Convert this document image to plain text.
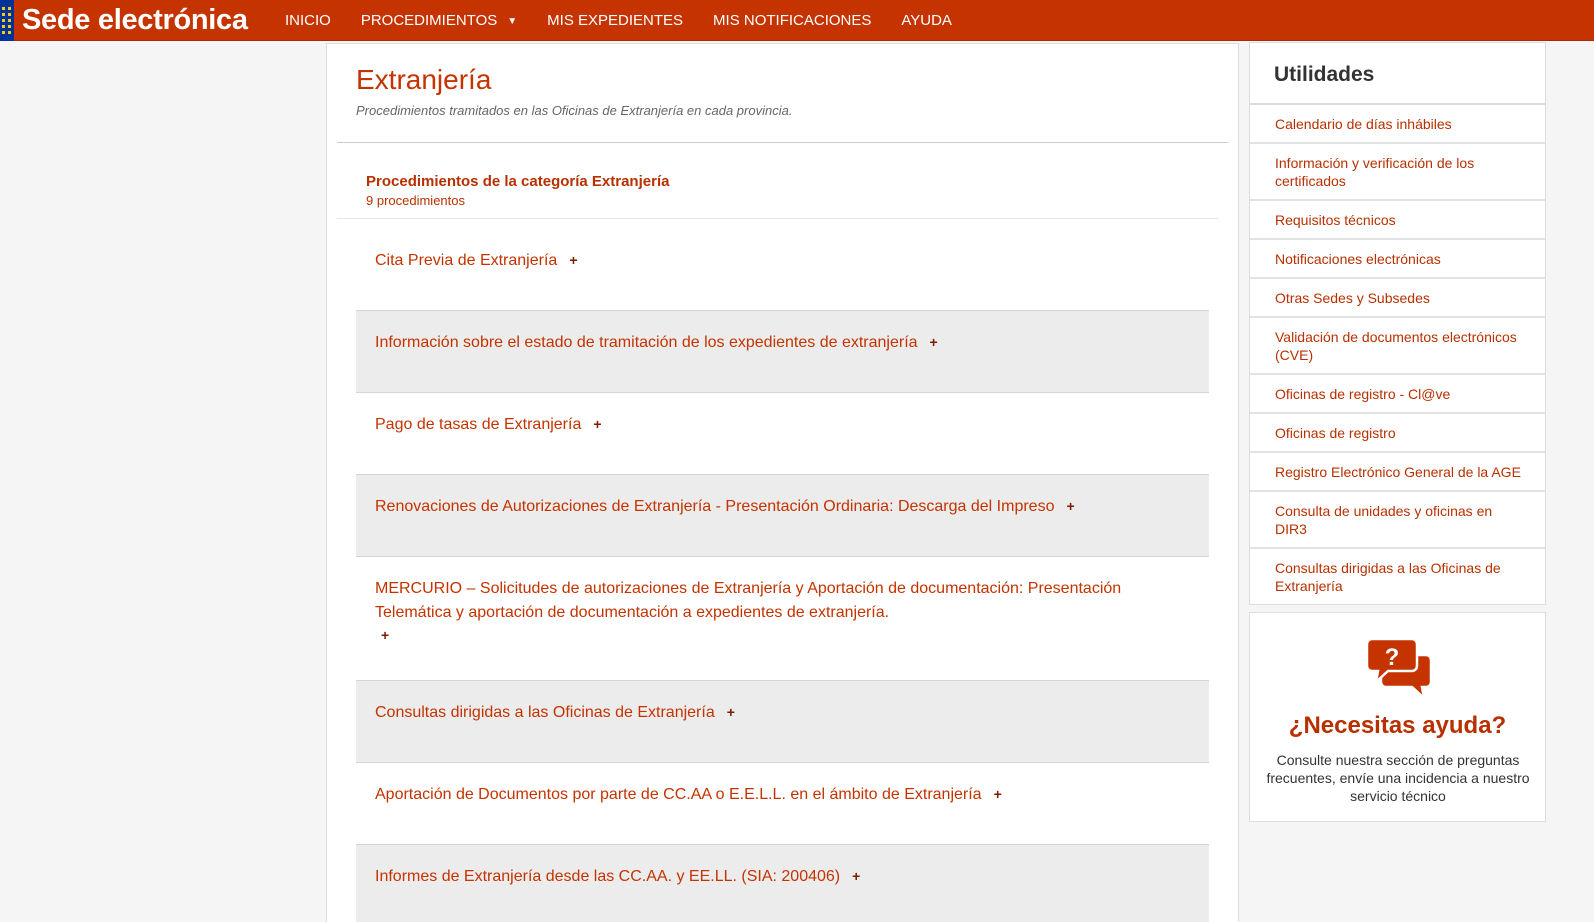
Sede electrónica	INICIO	PROCEDIMIENTOS ▼	MIS EXPEDIENTES	MIS NOTIFICACIONES	AYUDA
Extranjería
Procedimientos tramitados en las Oficinas de Extranjería en cada provincia.
Procedimientos de la categoría Extranjería
9 procedimientos
Cita Previa de Extranjería +
Información sobre el estado de tramitación de los expedientes de extranjería +
Pago de tasas de Extranjería +
Renovaciones de Autorizaciones de Extranjería - Presentación Ordinaria: Descarga del Impreso +
MERCURIO – Solicitudes de autorizaciones de Extranjería y Aportación de documentación: Presentación Telemática y aportación de documentación a expedientes de extranjería.
+
Consultas dirigidas a las Oficinas de Extranjería +
Aportación de Documentos por parte de CC.AA o E.E.L.L. en el ámbito de Extranjería +
Informes de Extranjería desde las CC.AA. y EE.LL. (SIA: 200406) +
Utilidades
Calendario de días inhábiles
Información y verificación de los certificados
Requisitos técnicos
Notificaciones electrónicas
Otras Sedes y Subsedes
Validación de documentos electrónicos (CVE)
Oficinas de registro - Cl@ve
Oficinas de registro
Registro Electrónico General de la AGE
Consulta de unidades y oficinas en DIR3
Consultas dirigidas a las Oficinas de Extranjería
?
¿Necesitas ayuda?
Consulte nuestra sección de preguntas frecuentes, envíe una incidencia a nuestro servicio técnico
